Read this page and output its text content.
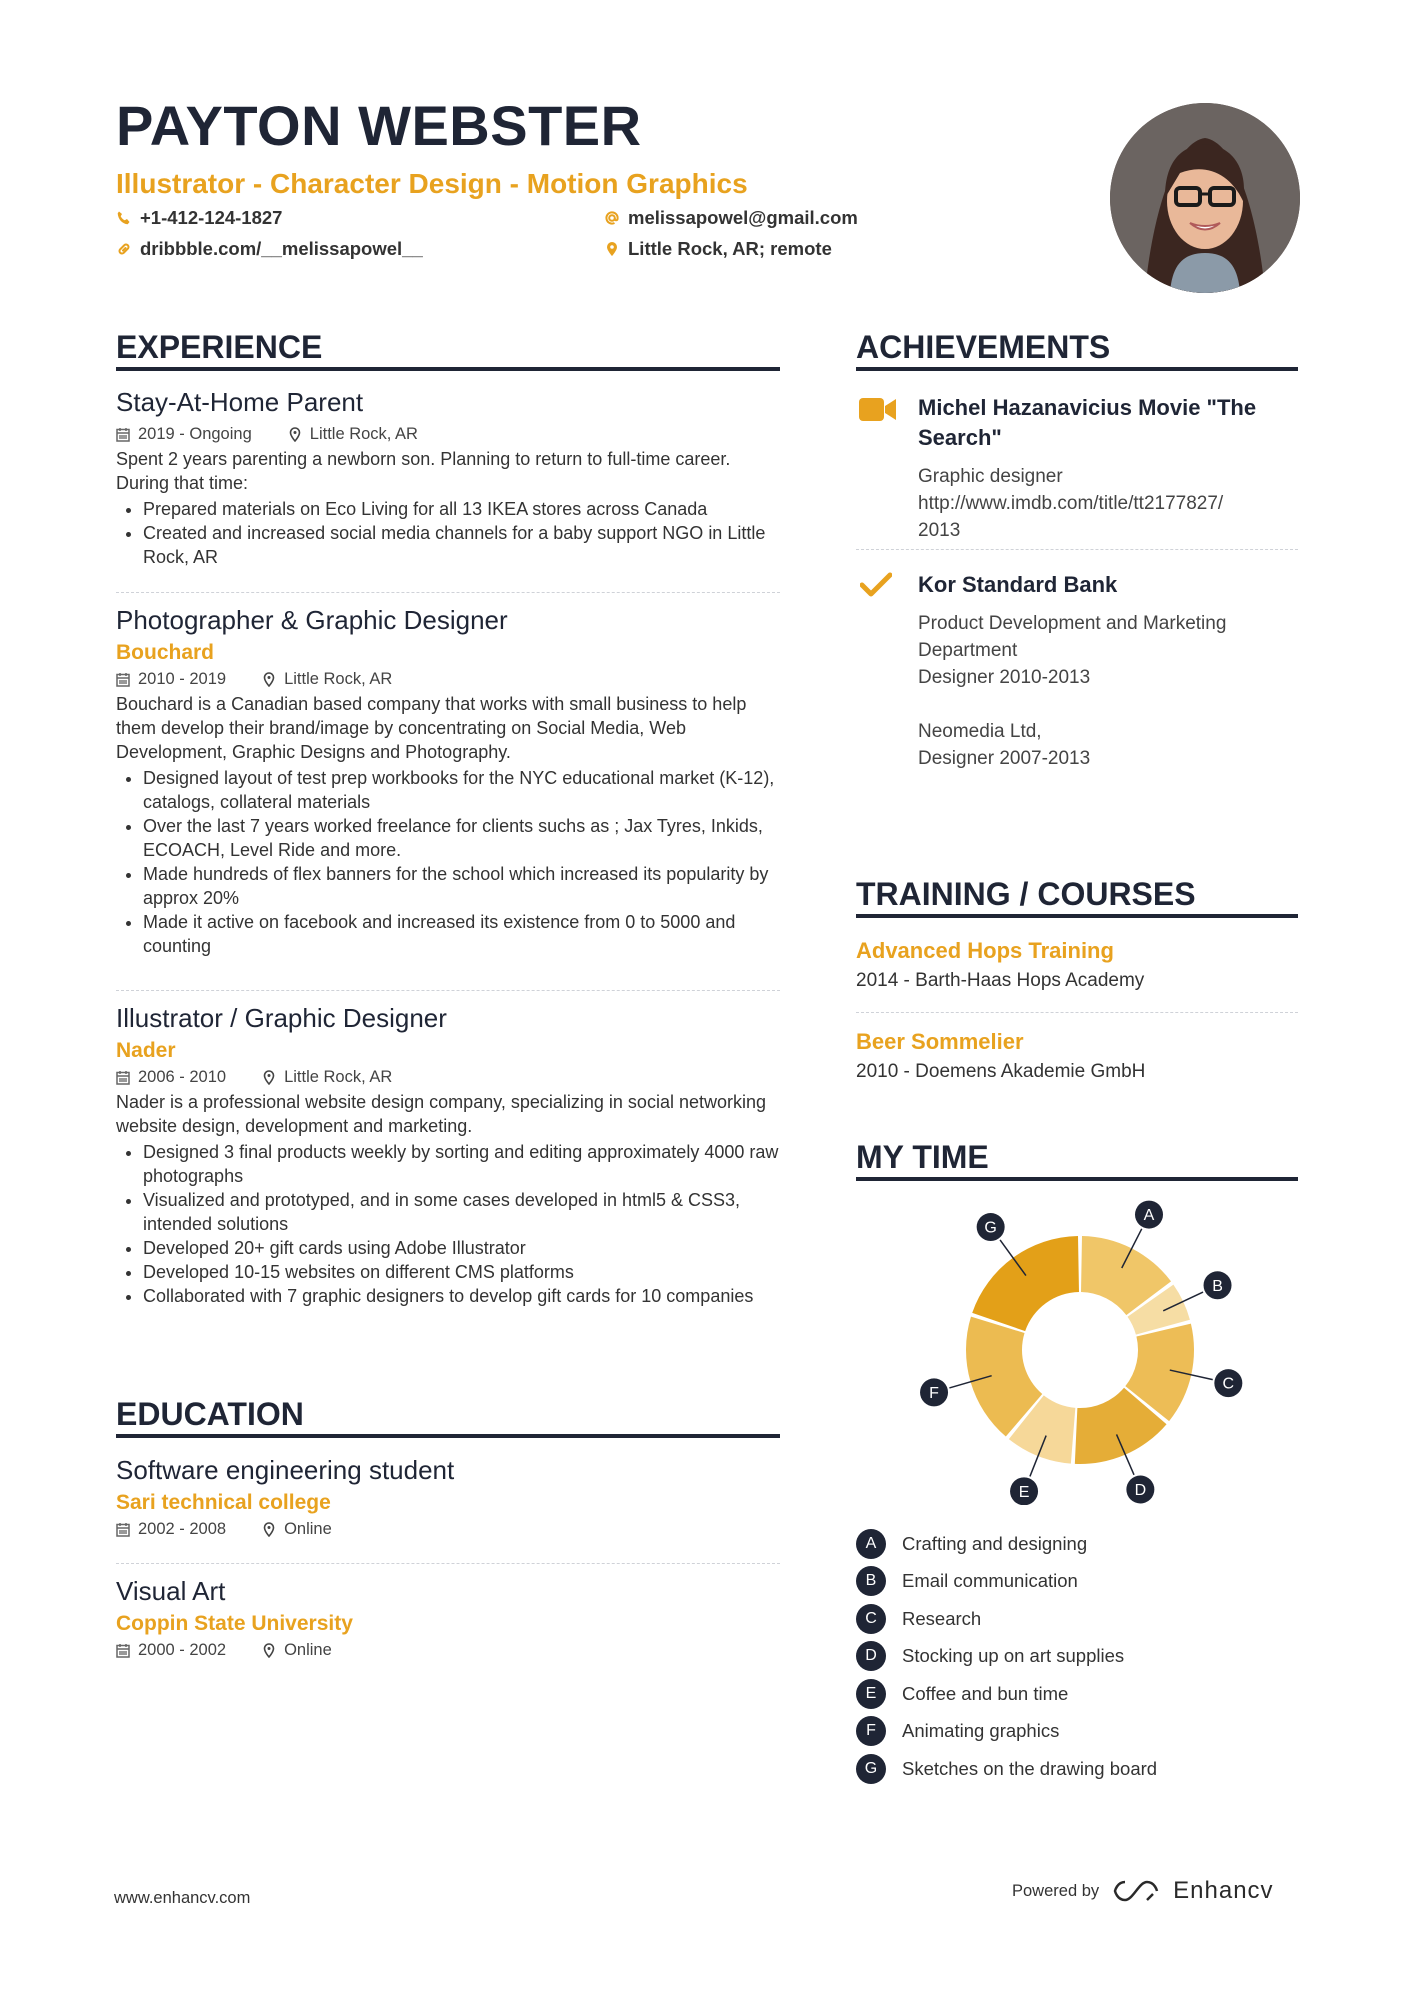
PAYTON WEBSTER
Illustrator - Character Design - Motion Graphics
+1-412-124-1827	melissapowel@gmail.com
dribbble.com/__melissapowel__	Little Rock, AR; remote
EXPERIENCE
Stay-At-Home Parent
2019 - Ongoing	Little Rock, AR
Spent 2 years parenting a newborn son. Planning to return to full-time career. During that time:
• Prepared materials on Eco Living for all 13 IKEA stores across Canada
• Created and increased social media channels for a baby support NGO in Little Rock, AR
Photographer & Graphic Designer
Bouchard
2010 - 2019	Little Rock, AR
Bouchard is a Canadian based company that works with small business to help them develop their brand/image by concentrating on Social Media, Web Development, Graphic Designs and Photography.
• Designed layout of test prep workbooks for the NYC educational market (K-12), catalogs, collateral materials
• Over the last 7 years worked freelance for clients suchs as ; Jax Tyres, Inkids, ECOACH, Level Ride and more.
• Made hundreds of flex banners for the school which increased its popularity by approx 20%
• Made it active on facebook and increased its existence from 0 to 5000 and counting
Illustrator / Graphic Designer
Nader
2006 - 2010	Little Rock, AR
Nader is a professional website design company, specializing in social networking website design, development and marketing.
• Designed 3 final products weekly by sorting and editing approximately 4000 raw photographs
• Visualized and prototyped, and in some cases developed in html5 & CSS3, intended solutions
• Developed 20+ gift cards using Adobe Illustrator
• Developed 10-15 websites on different CMS platforms
• Collaborated with 7 graphic designers to develop gift cards for 10 companies
EDUCATION
Software engineering student
Sari technical college
2002 - 2008	Online
Visual Art
Coppin State University
2000 - 2002	Online
ACHIEVEMENTS
Michel Hazanavicius Movie "The Search"
Graphic designer
http://www.imdb.com/title/tt2177827/
2013
Kor Standard Bank
Product Development and Marketing
Department
Designer 2010-2013
Neomedia Ltd,
Designer 2007-2013
TRAINING / COURSES
Advanced Hops Training
2014 - Barth-Haas Hops Academy
Beer Sommelier
2010 - Doemens Akademie GmbH
MY TIME
A
B
C
D
E
F
G
A	Crafting and designing
B	Email communication
C	Research
D	Stocking up on art supplies
E	Coffee and bun time
F	Animating graphics
G	Sketches on the drawing board
www.enhancv.com	Powered by	Enhancv
